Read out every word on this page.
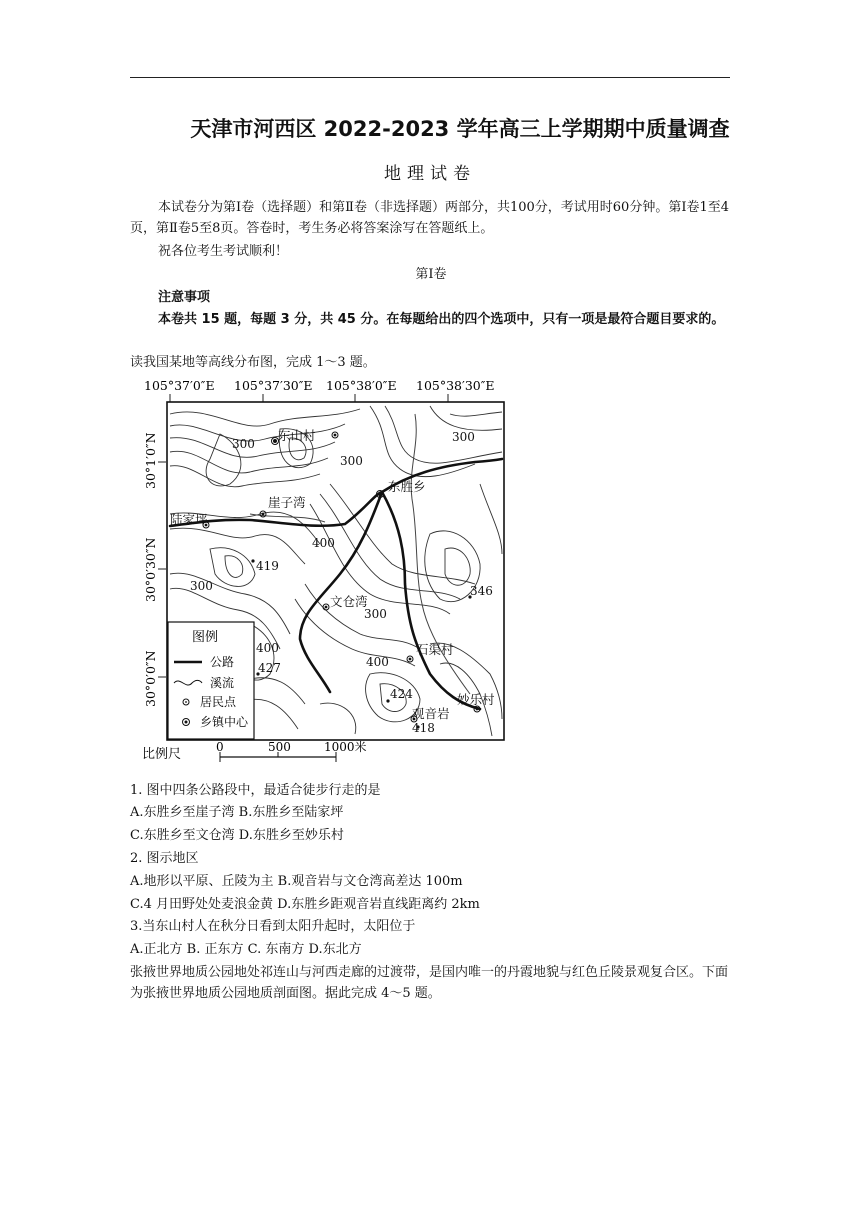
天津市河西区 2022-2023 学年高三上学期期中质量调查
地理试卷
本试卷分为第Ⅰ卷（选择题）和第Ⅱ卷（非选择题）两部分，共100分，考试用时60分钟。第Ⅰ卷1至4页，第Ⅱ卷5至8页。答卷时，考生务必将答案涂写在答题纸上。
祝各位考生考试顺利！
第Ⅰ卷
注意事项
本卷共 15 题，每题 3 分，共 45 分。在每题给出的四个选项中，只有一项是最符合题目要求的。
读我国某地等高线分布图，完成 1～3 题。
105°37′0″E 105°37′30″E 105°38′0″E 105°38′30″E
30°1′0″N
30°0′30″N
30°0′0″N
东山村
崖子湾
陆家坪
东胜乡
文仓湾
石渠村
妙乐村
观音岩
300
300
300
300
300
400
400
400
419
427
346
424
418
图例
公路
溪流
居民点
乡镇中心
比例尺	0	500	1000米
1. 图中四条公路段中，最适合徒步行走的是
A.东胜乡至崖子湾 B.东胜乡至陆家坪
C.东胜乡至文仓湾 D.东胜乡至妙乐村
2. 图示地区
A.地形以平原、丘陵为主 B.观音岩与文仓湾高差达 100m
C.4 月田野处处麦浪金黄 D.东胜乡距观音岩直线距离约 2km
3.当东山村人在秋分日看到太阳升起时，太阳位于
A.正北方 B. 正东方 C. 东南方 D.东北方
张掖世界地质公园地处祁连山与河西走廊的过渡带，是国内唯一的丹霞地貌与红色丘陵景观复合区。下面为张掖世界地质公园地质剖面图。据此完成 4～5 题。
